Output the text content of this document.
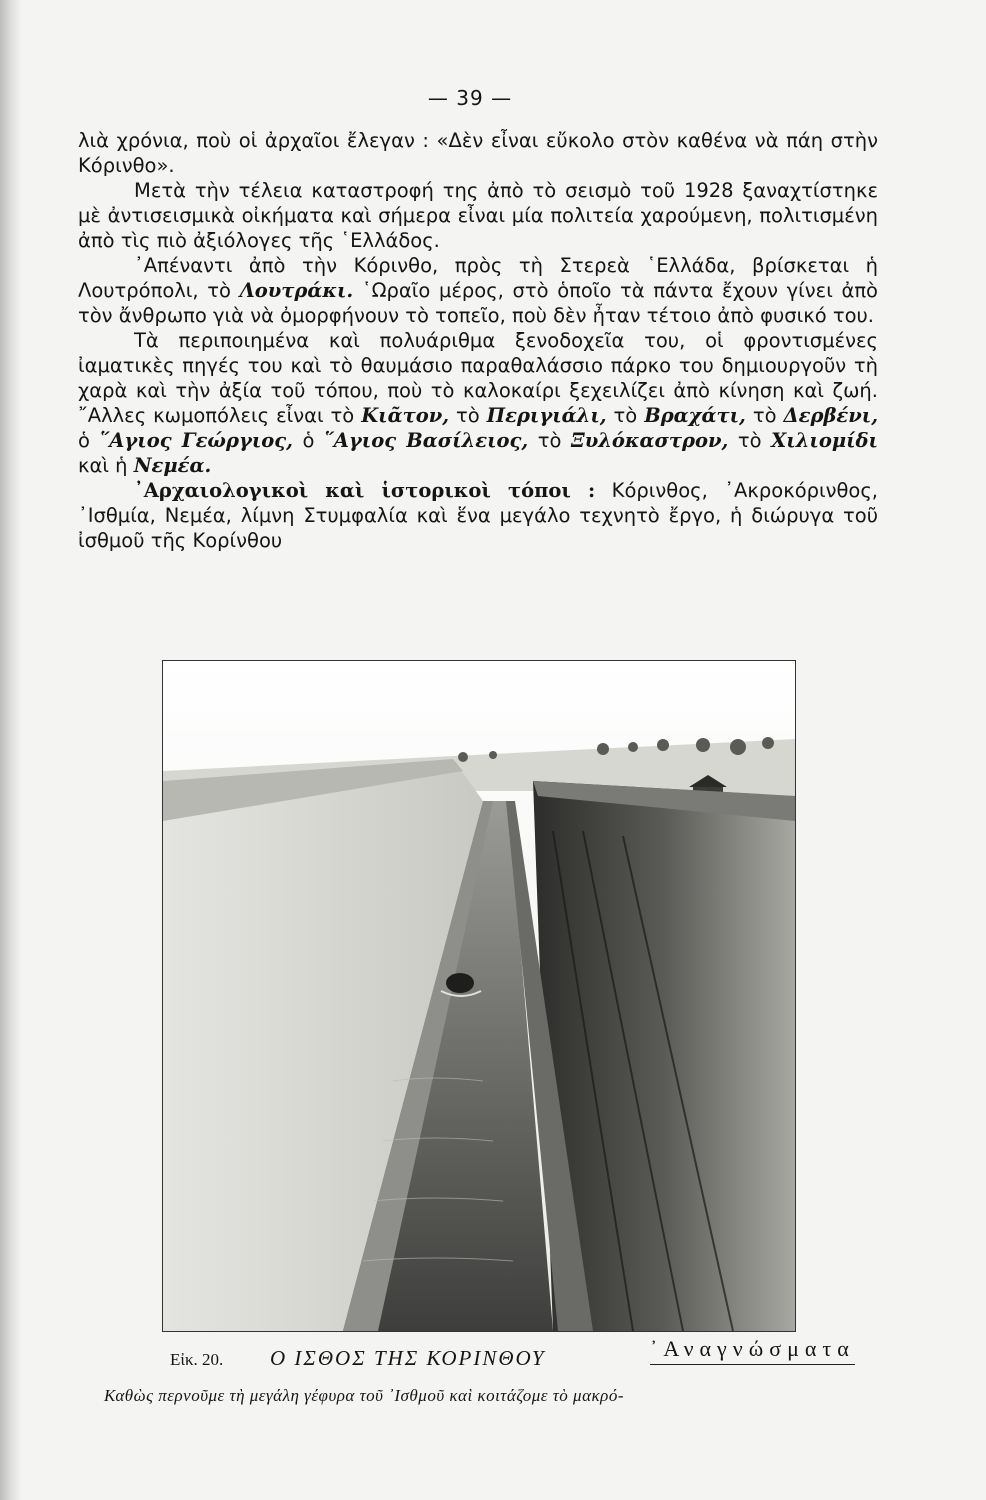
— 39 —

λιὰ χρόνια, ποὺ οἱ ἀρχαῖοι ἔλεγαν : «Δὲν εἶναι εὔκολο στὸν καθένα νὰ πάη στὴν Κόρινθο».

Μετὰ τὴν τέλεια καταστροφή της ἀπὸ τὸ σεισμὸ τοῦ 1928 ξαναχτίστηκε μὲ ἀντισεισμικὰ οἰκήματα καὶ σήμερα εἶναι μία πολιτεία χαρούμενη, πολιτισμένη ἀπὸ τὶς πιὸ ἀξιόλογες τῆς ῾Ελλάδος.

᾿Απέναντι ἀπὸ τὴν Κόρινθο, πρὸς τὴ Στερεὰ ῾Ελλάδα, βρίσκεται ἡ Λουτρόπολι, τὸ Λουτράκι. ῾Ωραῖο μέρος, στὸ ὁποῖο τὰ πάντα ἔχουν γίνει ἀπὸ τὸν ἄνθρωπο γιὰ νὰ ὀμορφήνουν τὸ τοπεῖο, ποὺ δὲν ἦταν τέτοιο ἀπὸ φυσικό του.

Τὰ περιποιημένα καὶ πολυάριθμα ξενοδοχεῖα του, οἱ φροντισμένες ἰαματικὲς πηγές του καὶ τὸ θαυμάσιο παραθαλάσσιο πάρκο του δημιουργοῦν τὴ χαρὰ καὶ τὴν ἀξία τοῦ τόπου, ποὺ τὸ καλοκαίρι ξεχειλίζει ἀπὸ κίνηση καὶ ζωή. ῎Αλλες κωμοπόλεις εἶναι τὸ Κιᾶτον, τὸ Περιγιάλι, τὸ Βραχάτι, τὸ Δερβένι, ὁ ῞Αγιος Γεώργιος, ὁ ῞Αγιος Βασίλειος, τὸ Ξυλόκαστρον, τὸ Χιλιομίδι καὶ ἡ Νεμέα.

᾿Αρχαιολογικοὶ καὶ ἱστορικοὶ τόποι : Κόρινθος, ᾿Ακροκόρινθος, ᾿Ισθμία, Νεμέα, λίμνη Στυμφαλία καὶ ἕνα μεγάλο τεχνητὸ ἔργο, ἡ διώρυγα τοῦ ἰσθμοῦ τῆς Κορίνθου

Εἰκ. 20. Ο ΙΣΘΟΣ ΤΗΣ ΚΟΡΙΝΘΟΥ	᾿Αναγνώσματα
Καθὼς περνοῦμε τὴ μεγάλη γέφυρα τοῦ ᾿Ισθμοῦ καὶ κοιτάζομε τὸ μακρό-
